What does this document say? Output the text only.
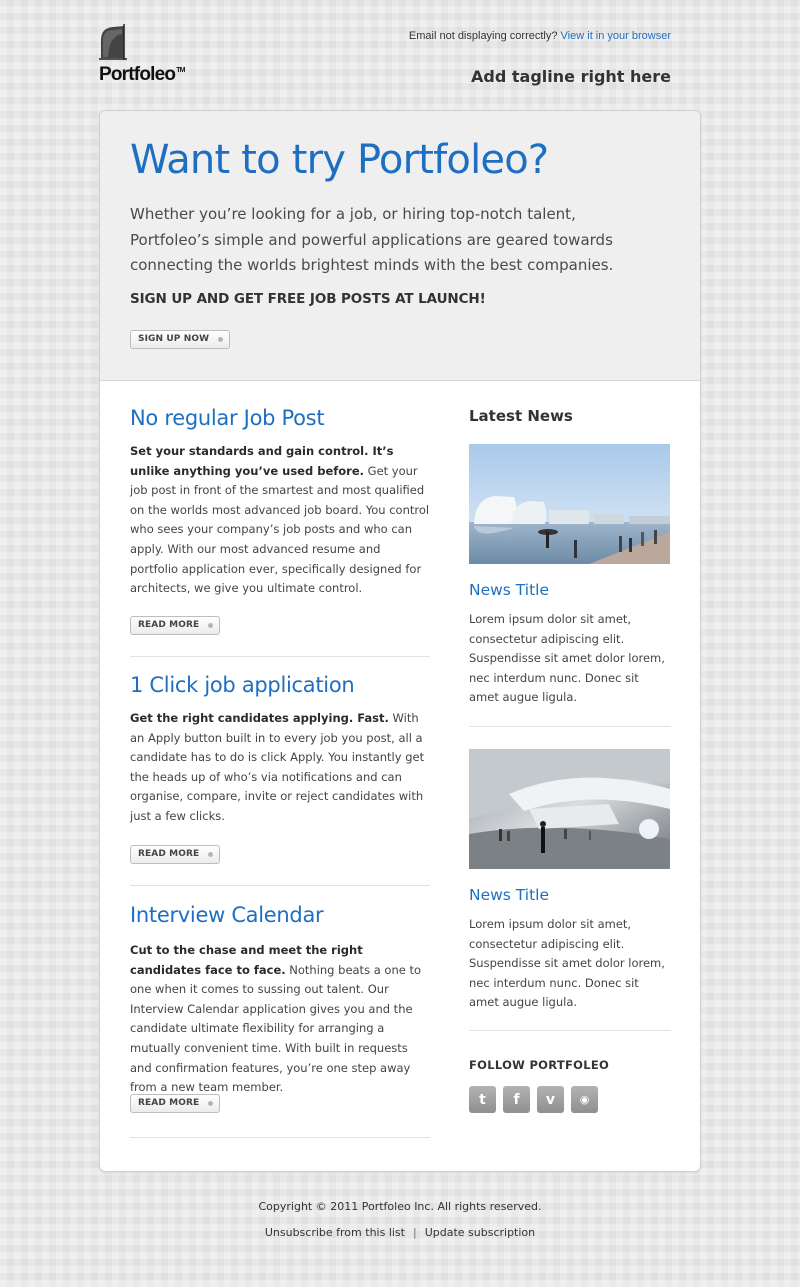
Portfoleo™
Email not displaying correctly? View it in your browser
Add tagline right here
Want to try Portfoleo?

Whether you’re looking for a job, or hiring top-notch talent, Portfoleo’s simple and powerful applications are geared towards connecting the worlds brightest minds with the best companies.

SIGN UP AND GET FREE JOB POSTS AT LAUNCH!
SIGN UP NOW
No regular Job Post

Set your standards and gain control. It’s unlike anything you’ve used before. Get your job post in front of the smartest and most qualified on the worlds most advanced job board. You control who sees your company’s job posts and who can apply. With our most advanced resume and portfolio application ever, specifically designed for architects, we give you ultimate control.

READ MORE
1 Click job application

Get the right candidates applying. Fast. With an Apply button built in to every job you post, all a candidate has to do is click Apply. You instantly get the heads up of who’s via notifications and can organise, compare, invite or reject candidates with just a few clicks.

READ MORE
Interview Calendar

Cut to the chase and meet the right candidates face to face. Nothing beats a one to one when it comes to sussing out talent. Our Interview Calendar application gives you and the candidate ultimate flexibility for arranging a mutually convenient time. With built in requests and confirmation features, you’re one step away from a new team member.

READ MORE
Latest News
News Title
Lorem ipsum dolor sit amet, consectetur adipiscing elit. Suspendisse sit amet dolor lorem, nec interdum nunc. Donec sit amet augue ligula.
News Title
Lorem ipsum dolor sit amet, consectetur adipiscing elit. Suspendisse sit amet dolor lorem, nec interdum nunc. Donec sit amet augue ligula.
FOLLOW PORTFOLEO
t	f	v	◉
Copyright © 2011 Portfoleo Inc. All rights reserved.
Unsubscribe from this list | Update subscription
